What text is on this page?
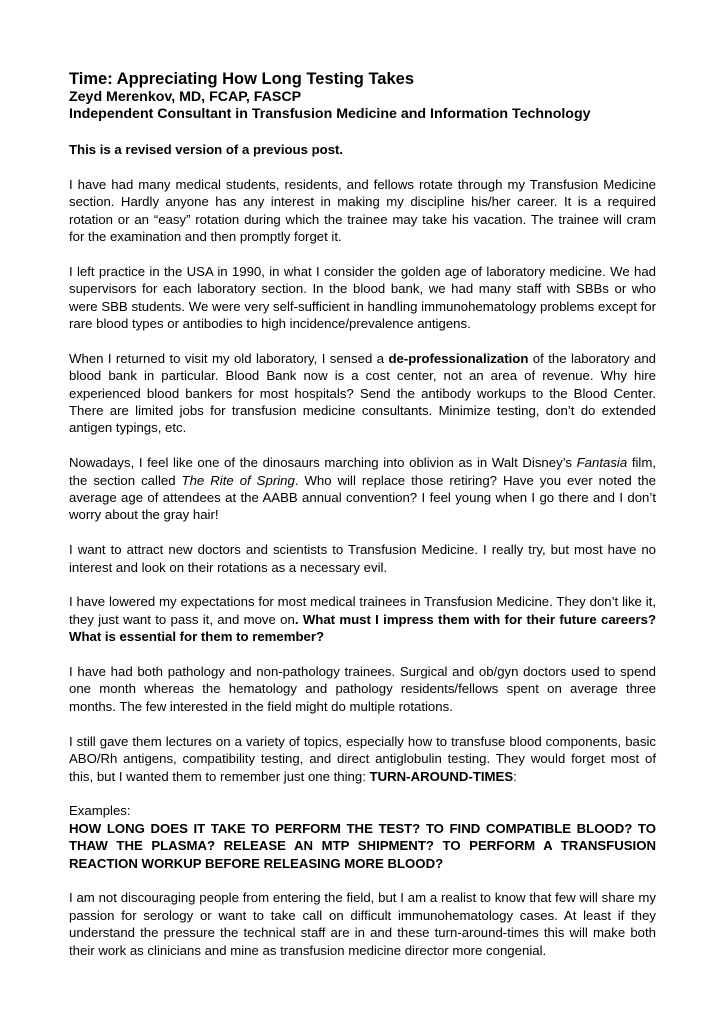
Time: Appreciating How Long Testing Takes

Zeyd Merenkov, MD, FCAP, FASCP

Independent Consultant in Transfusion Medicine and Information Technology

This is a revised version of a previous post.

I have had many medical students, residents, and fellows rotate through my Transfusion Medicine section. Hardly anyone has any interest in making my discipline his/her career. It is a required rotation or an “easy” rotation during which the trainee may take his vacation. The trainee will cram for the examination and then promptly forget it.

I left practice in the USA in 1990, in what I consider the golden age of laboratory medicine. We had supervisors for each laboratory section. In the blood bank, we had many staff with SBBs or who were SBB students. We were very self-sufficient in handling immunohematology problems except for rare blood types or antibodies to high incidence/prevalence antigens.

When I returned to visit my old laboratory, I sensed a de-professionalization of the laboratory and blood bank in particular. Blood Bank now is a cost center, not an area of revenue. Why hire experienced blood bankers for most hospitals? Send the antibody workups to the Blood Center. There are limited jobs for transfusion medicine consultants. Minimize testing, don’t do extended antigen typings, etc.

Nowadays, I feel like one of the dinosaurs marching into oblivion as in Walt Disney’s Fantasia film, the section called The Rite of Spring. Who will replace those retiring? Have you ever noted the average age of attendees at the AABB annual convention? I feel young when I go there and I don’t worry about the gray hair!

I want to attract new doctors and scientists to Transfusion Medicine. I really try, but most have no interest and look on their rotations as a necessary evil.

I have lowered my expectations for most medical trainees in Transfusion Medicine. They don’t like it, they just want to pass it, and move on. What must I impress them with for their future careers? What is essential for them to remember?

I have had both pathology and non-pathology trainees. Surgical and ob/gyn doctors used to spend one month whereas the hematology and pathology residents/fellows spent on average three months. The few interested in the field might do multiple rotations.

I still gave them lectures on a variety of topics, especially how to transfuse blood components, basic ABO/Rh antigens, compatibility testing, and direct antiglobulin testing. They would forget most of this, but I wanted them to remember just one thing: TURN-AROUND-TIMES:

Examples:

HOW LONG DOES IT TAKE TO PERFORM THE TEST? TO FIND COMPATIBLE BLOOD? TO THAW THE PLASMA? RELEASE AN MTP SHIPMENT? TO PERFORM A TRANSFUSION REACTION WORKUP BEFORE RELEASING MORE BLOOD?

I am not discouraging people from entering the field, but I am a realist to know that few will share my passion for serology or want to take call on difficult immunohematology cases. At least if they understand the pressure the technical staff are in and these turn-around-times this will make both their work as clinicians and mine as transfusion medicine director more congenial.
